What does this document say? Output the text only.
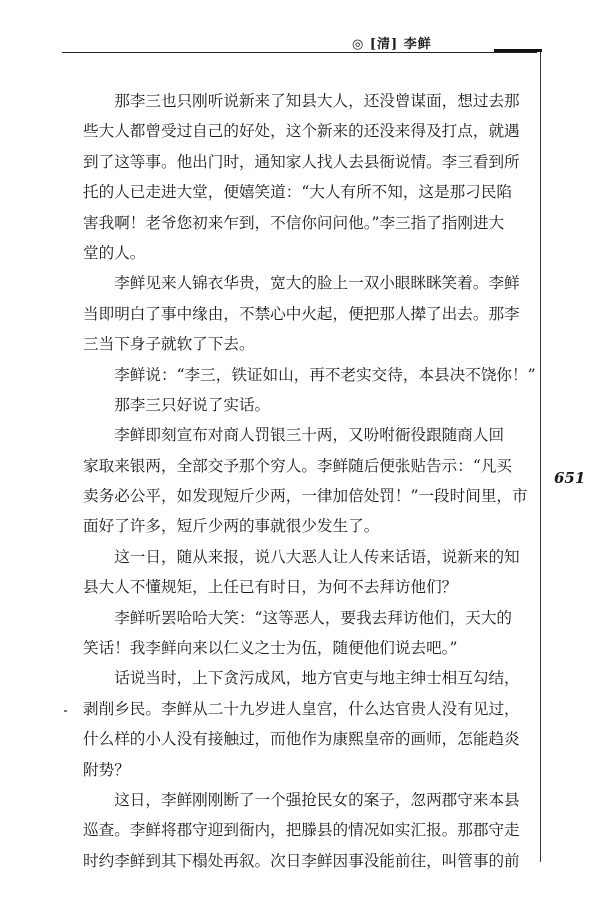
◎ [清] 李鲜
651
　　那李三也只刚听说新来了知县大人，还没曾谋面，想过去那
些大人都曾受过自己的好处，这个新来的还没来得及打点，就遇
到了这等事。他出门时，通知家人找人去县衙说情。李三看到所
托的人已走进大堂，便嬉笑道：“大人有所不知，这是那刁民陷
害我啊！老爷您初来乍到，不信你问问他。”李三指了指刚进大
堂的人。
　　李鲜见来人锦衣华贵，宽大的脸上一双小眼眯眯笑着。李鲜
当即明白了事中缘由，不禁心中火起，便把那人撵了出去。那李
三当下身子就软了下去。
　　李鲜说：“李三，铁证如山，再不老实交待，本县决不饶你！”
　　那李三只好说了实话。
　　李鲜即刻宣布对商人罚银三十两，又吩咐衙役跟随商人回
家取来银两，全部交予那个穷人。李鲜随后便张贴告示：“凡买
卖务必公平，如发现短斤少两，一律加倍处罚！”一段时间里，市
面好了许多，短斤少两的事就很少发生了。
　　这一日，随从来报，说八大恶人让人传来话语，说新来的知
县大人不懂规矩，上任已有时日，为何不去拜访他们？
　　李鲜听罢哈哈大笑：“这等恶人，要我去拜访他们，天大的
笑话！我李鲜向来以仁义之士为伍，随便他们说去吧。”
　　话说当时，上下贪污成风，地方官吏与地主绅士相互勾结，
剥削乡民。李鲜从二十九岁进人皇宫，什么达官贵人没有见过，
什么样的小人没有接触过，而他作为康熙皇帝的画师，怎能趋炎
附势？
　　这日，李鲜刚刚断了一个强抢民女的案子，忽两郡守来本县
巡查。李鲜将郡守迎到衙内，把滕县的情况如实汇报。那郡守走
时约李鲜到其下榻处再叙。次日李鲜因事没能前往，叫管事的前
